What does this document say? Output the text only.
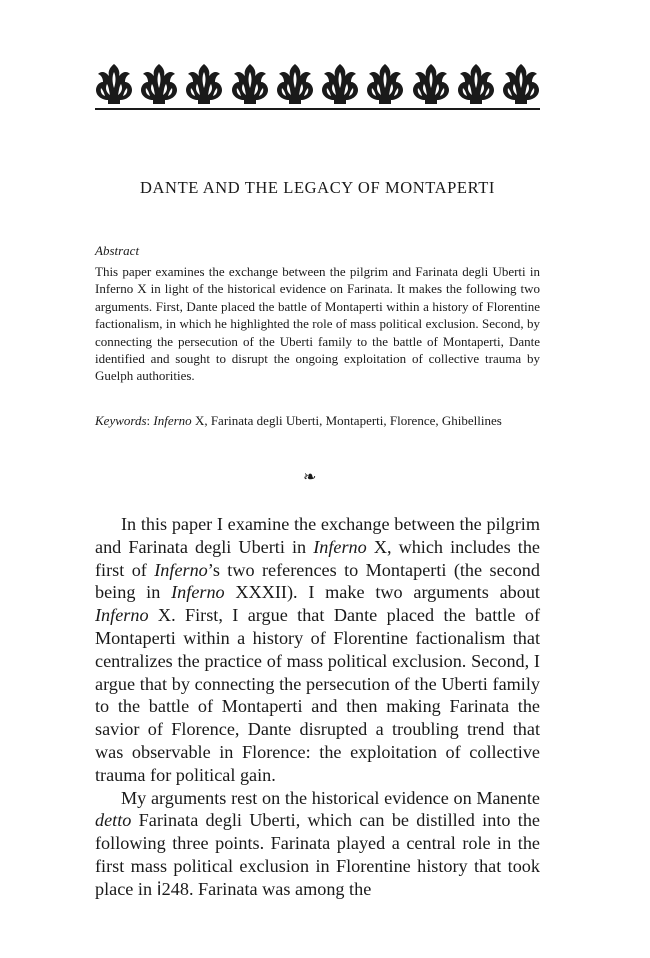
DANTE AND THE LEGACY OF MONTAPERTI

Abstract

This paper examines the exchange between the pilgrim and Farinata degli Uberti in Inferno X in light of the historical evidence on Farinata. It makes the following two arguments. First, Dante placed the battle of Montaperti within a history of Florentine factionalism, in which he highlighted the role of mass political exclusion. Second, by connecting the persecution of the Uberti family to the battle of Montaperti, Dante identified and sought to disrupt the ongoing exploitation of collective trauma by Guelph authorities.

Keywords: Inferno X, Farinata degli Uberti, Montaperti, Florence, Ghibellines

❧

In this paper I examine the exchange between the pilgrim and Farinata degli Uberti in Inferno X, which includes the first of Inferno’s two references to Montaperti (the second being in Inferno XXXII). I make two arguments about Inferno X. First, I argue that Dante placed the battle of Montaperti within a history of Florentine factionalism that centralizes the practice of mass political exclusion. Second, I argue that by connecting the persecution of the Uberti family to the battle of Montaperti and then making Farinata the savior of Florence, Dante disrupted a troubling trend that was observable in Florence: the exploitation of collective trauma for political gain.

My arguments rest on the historical evidence on Manente detto Farinata degli Uberti, which can be distilled into the following three points. Farinata played a central role in the first mass political exclusion in Florentine history that took place in ⅰ248. Farinata was among the
